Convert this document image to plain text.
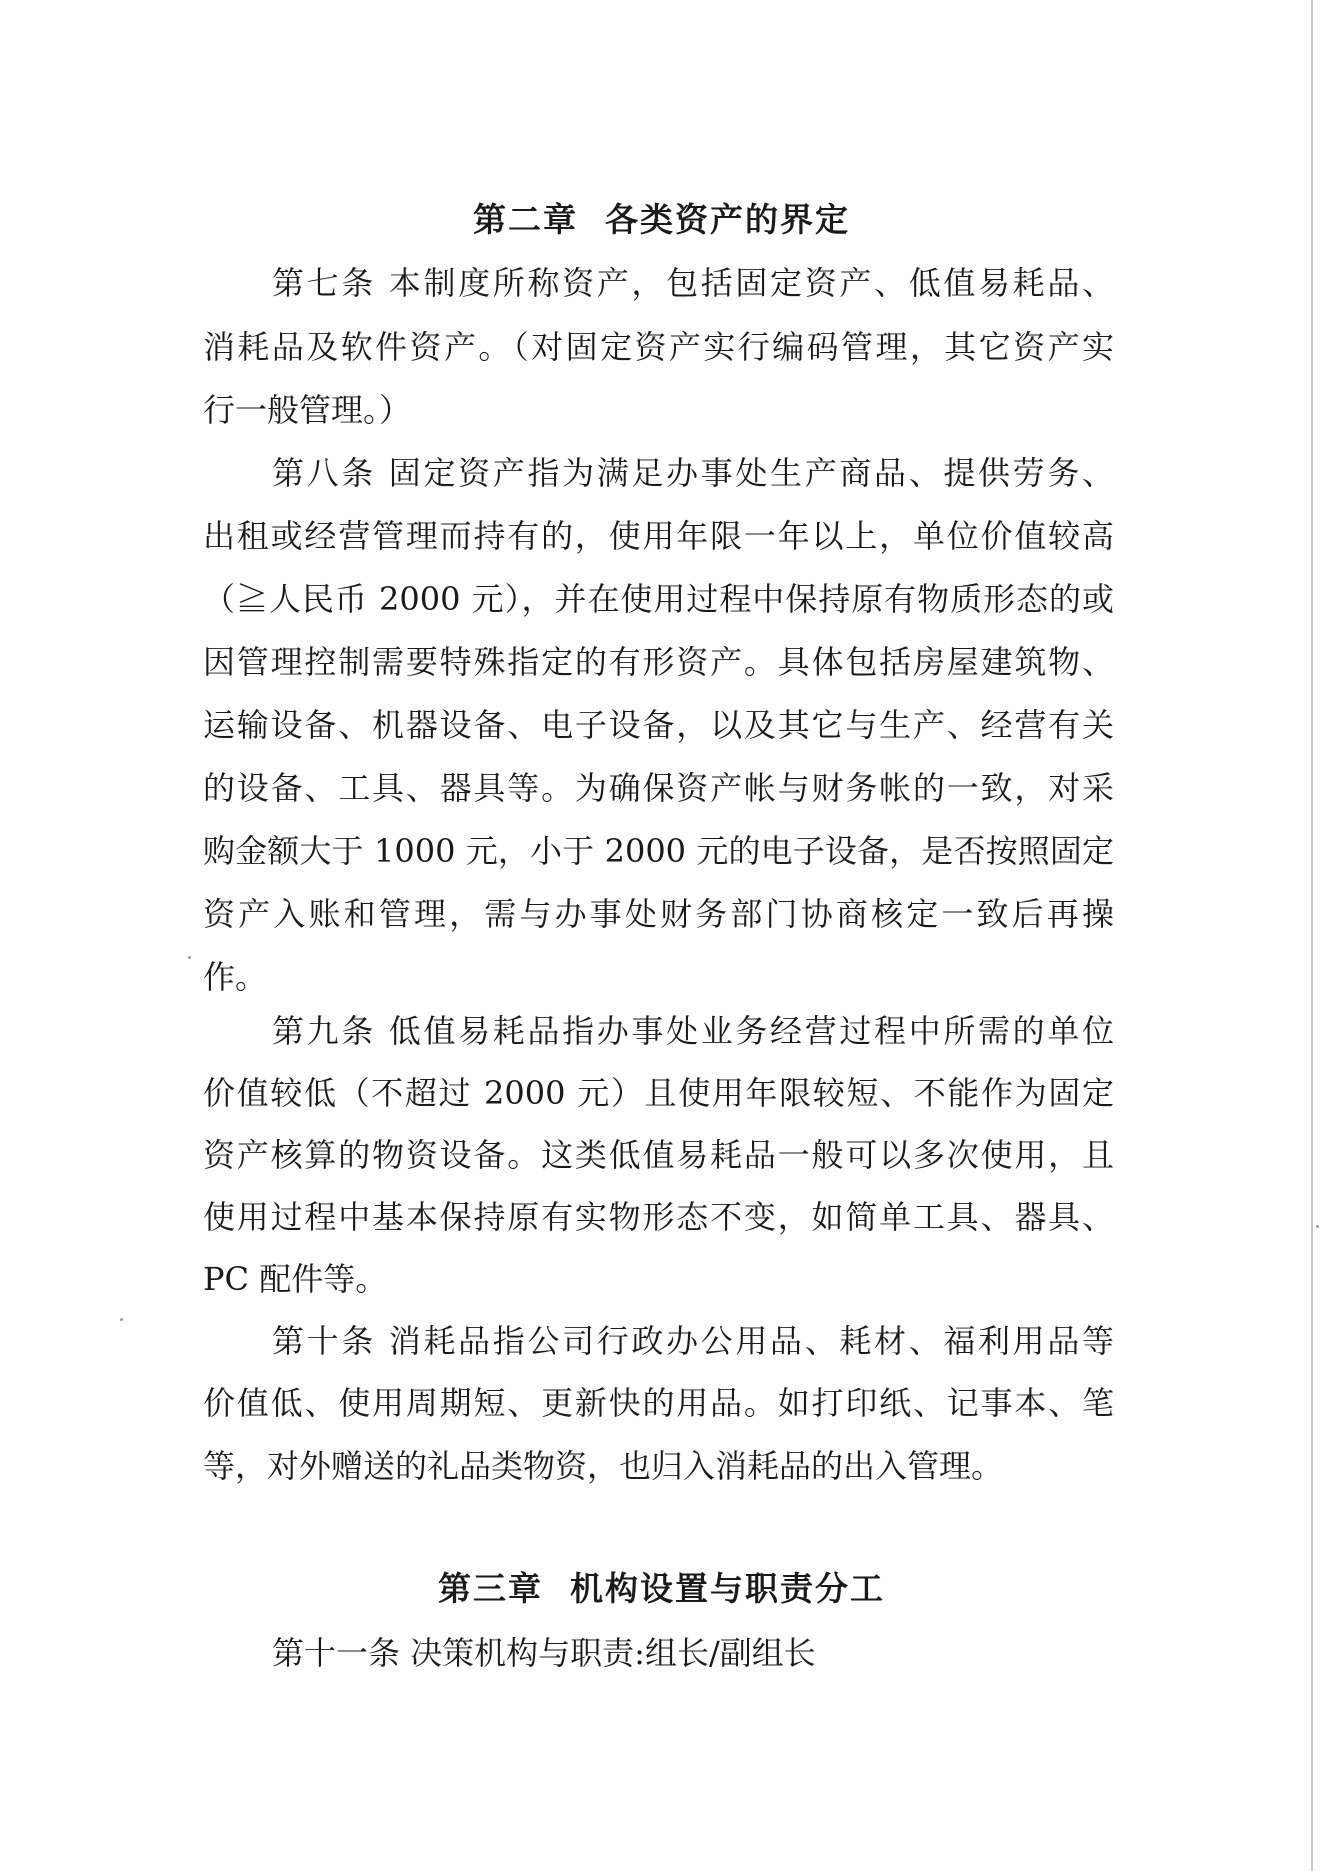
第二章  各类资产的界定
第七条 本制度所称资产，包括固定资产、低值易耗品、
消耗品及软件资产。（对固定资产实行编码管理，其它资产实
行一般管理。）
第八条 固定资产指为满足办事处生产商品、提供劳务、
出租或经营管理而持有的，使用年限一年以上，单位价值较高
（≧人民币 2000 元），并在使用过程中保持原有物质形态的或
因管理控制需要特殊指定的有形资产。具体包括房屋建筑物、
运输设备、机器设备、电子设备，以及其它与生产、经营有关
的设备、工具、器具等。为确保资产帐与财务帐的一致，对采
购金额大于 1000 元，小于 2000 元的电子设备，是否按照固定
资产入账和管理，需与办事处财务部门协商核定一致后再操
作。
第九条 低值易耗品指办事处业务经营过程中所需的单位
价值较低（不超过 2000 元）且使用年限较短、不能作为固定
资产核算的物资设备。这类低值易耗品一般可以多次使用，且
使用过程中基本保持原有实物形态不变，如简单工具、器具、
PC 配件等。
第十条 消耗品指公司行政办公用品、耗材、福利用品等
价值低、使用周期短、更新快的用品。如打印纸、记事本、笔
等，对外赠送的礼品类物资，也归入消耗品的出入管理。
第三章  机构设置与职责分工
第十一条 决策机构与职责:组长/副组长
